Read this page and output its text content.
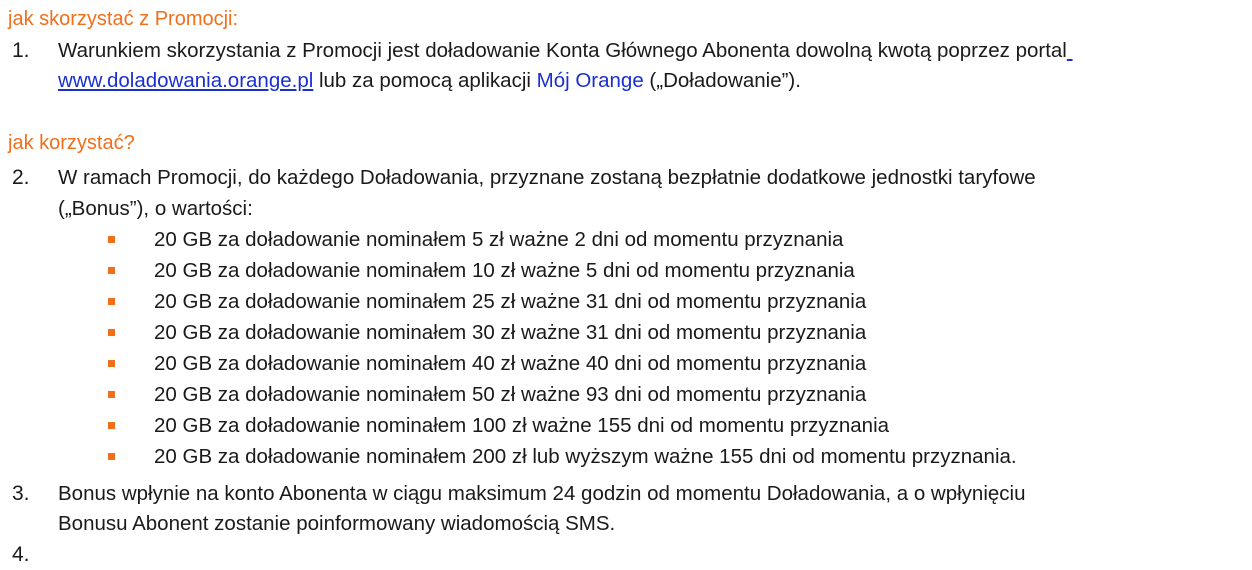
jak skorzystać z Promocji:
1. Warunkiem skorzystania z Promocji jest doładowanie Konta Głównego Abonenta dowolną kwotą poprzez portal
www.doladowania.orange.pl lub za pomocą aplikacji Mój Orange („Doładowanie”).
jak korzystać?
2. W ramach Promocji, do każdego Doładowania, przyznane zostaną bezpłatnie dodatkowe jednostki taryfowe
(„Bonus”), o wartości:
20 GB za doładowanie nominałem 5 zł ważne 2 dni od momentu przyznania
20 GB za doładowanie nominałem 10 zł ważne 5 dni od momentu przyznania
20 GB za doładowanie nominałem 25 zł ważne 31 dni od momentu przyznania
20 GB za doładowanie nominałem 30 zł ważne 31 dni od momentu przyznania
20 GB za doładowanie nominałem 40 zł ważne 40 dni od momentu przyznania
20 GB za doładowanie nominałem 50 zł ważne 93 dni od momentu przyznania
20 GB za doładowanie nominałem 100 zł ważne 155 dni od momentu przyznania
20 GB za doładowanie nominałem 200 zł lub wyższym ważne 155 dni od momentu przyznania.
3. Bonus wpłynie na konto Abonenta w ciągu maksimum 24 godzin od momentu Doładowania, a o wpłynięciu
Bonusu Abonent zostanie poinformowany wiadomością SMS.
4.
